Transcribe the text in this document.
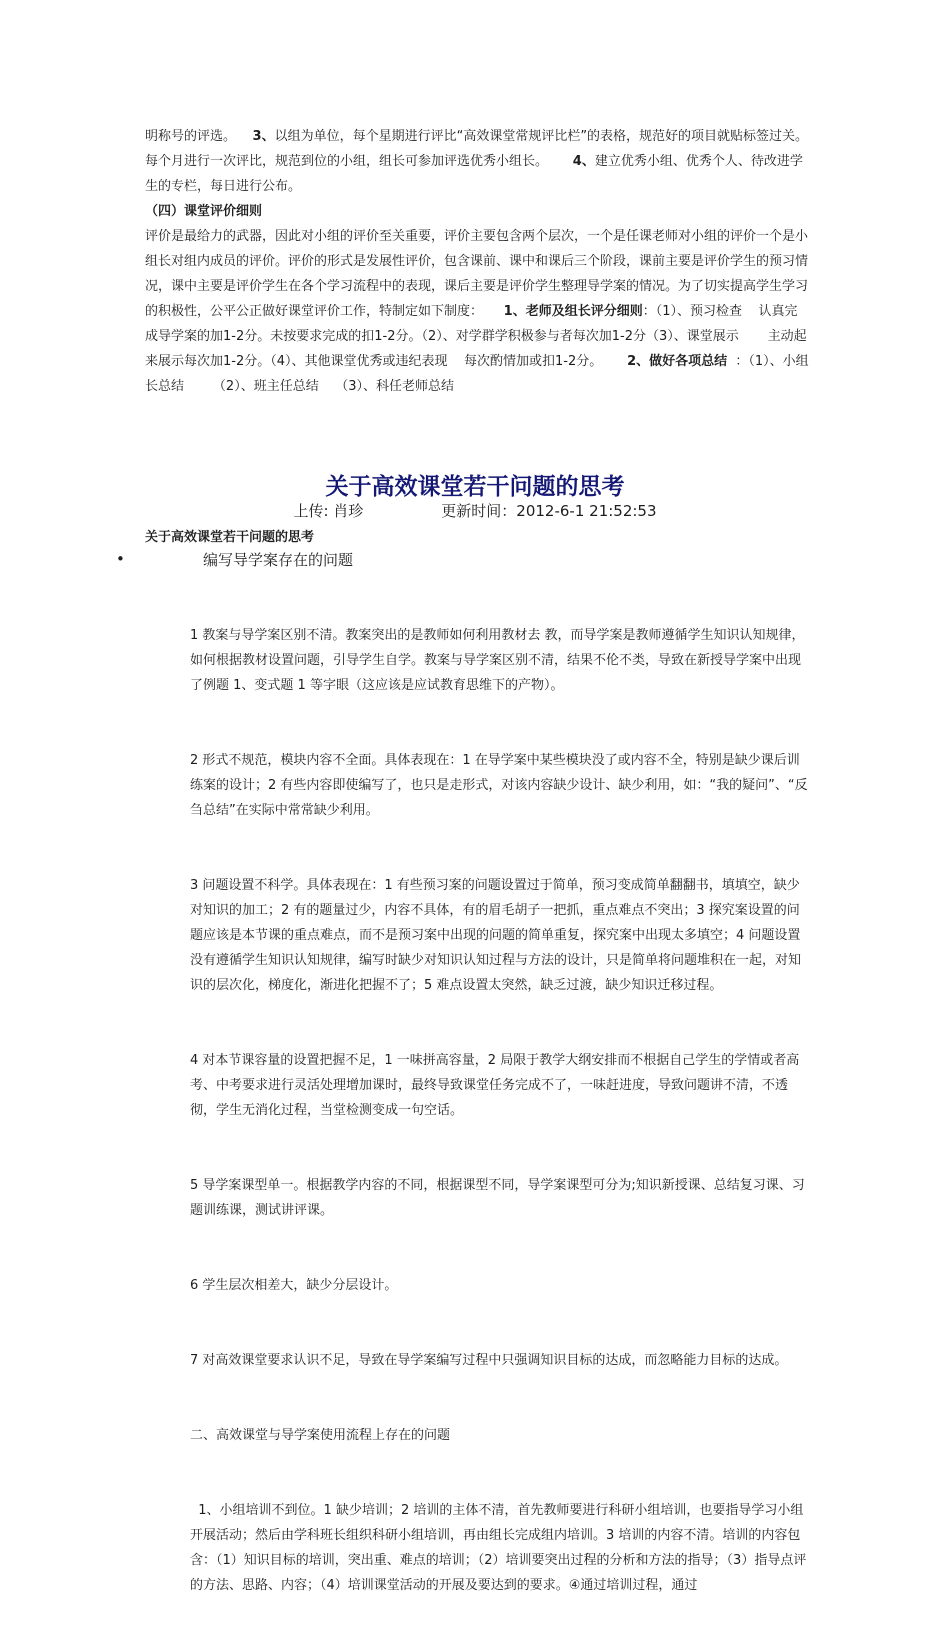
明称号的评选。    3、以组为单位，每个星期进行评比“高效课堂常规评比栏”的表格，规范好的项目就贴标签过关。每个月进行一次评比，规范到位的小组，组长可参加评选优秀小组长。      4、建立优秀小组、优秀个人、待改进学生的专栏，每日进行公布。
（四）课堂评价细则
评价是最给力的武器，因此对小组的评价至关重要，评价主要包含两个层次，一个是任课老师对小组的评价一个是小组长对组内成员的评价。评价的形式是发展性评价，包含课前、课中和课后三个阶段，课前主要是评价学生的预习情况，课中主要是评价学生在各个学习流程中的表现，课后主要是评价学生整理导学案的情况。为了切实提高学生学习的积极性，公平公正做好课堂评价工作，特制定如下制度：     1、老师及组长评分细则：（1）、预习检查    认真完成导学案的加1-2分。未按要求完成的扣1-2分。（2）、对学群学积极参与者每次加1-2分（3）、课堂展示       主动起来展示每次加1-2分。（4）、其他课堂优秀或违纪表现    每次酌情加或扣1-2分。      2、做好各项总结  ：（1）、小组长总结       （2）、班主任总结    （3）、科任老师总结

关于高效课堂若干问题的思考
上传: 肖珍	更新时间：2012-6-1 21:52:53
关于高效课堂若干问题的思考
•	编写导学案存在的问题

1 教案与导学案区别不清。教案突出的是教师如何利用教材去 教，而导学案是教师遵循学生知识认知规律，如何根据教材设置问题，引导学生自学。教案与导学案区别不清，结果不伦不类，导致在新授导学案中出现了例题 1、变式题 1 等字眼（这应该是应试教育思维下的产物）。

2 形式不规范，模块内容不全面。具体表现在：1 在导学案中某些模块没了或内容不全，特别是缺少课后训练案的设计；2 有些内容即使编写了，也只是走形式，对该内容缺少设计、缺少利用，如：“我的疑问”、“反刍总结”在实际中常常缺少利用。

3 问题设置不科学。具体表现在：1 有些预习案的问题设置过于简单，预习变成简单翻翻书，填填空，缺少对知识的加工；2 有的题量过少，内容不具体，有的眉毛胡子一把抓，重点难点不突出；3 探究案设置的问题应该是本节课的重点难点，而不是预习案中出现的问题的简单重复，探究案中出现太多填空；4 问题设置没有遵循学生知识认知规律，编写时缺少对知识认知过程与方法的设计，只是简单将问题堆积在一起，对知识的层次化，梯度化，渐进化把握不了；5 难点设置太突然，缺乏过渡，缺少知识迁移过程。

4 对本节课容量的设置把握不足，1 一味拼高容量，2 局限于教学大纲安排而不根据自己学生的学情或者高考、中考要求进行灵活处理增加课时，最终导致课堂任务完成不了，一味赶进度，导致问题讲不清，不透彻，学生无消化过程，当堂检测变成一句空话。

5 导学案课型单一。根据教学内容的不同，根据课型不同，导学案课型可分为;知识新授课、总结复习课、习题训练课，测试讲评课。

6 学生层次相差大，缺少分层设计。

7 对高效课堂要求认识不足，导致在导学案编写过程中只强调知识目标的达成，而忽略能力目标的达成。

二、高效课堂与导学案使用流程上存在的问题

1、小组培训不到位。1 缺少培训；2 培训的主体不清，首先教师要进行科研小组培训，也要指导学习小组开展活动；然后由学科班长组织科研小组培训，再由组长完成组内培训。3 培训的内容不清。培训的内容包含：（1）知识目标的培训，突出重、难点的培训；（2）培训要突出过程的分析和方法的指导；（3）指导点评的方法、思路、内容；（4）培训课堂活动的开展及要达到的要求。④通过培训过程，通过
